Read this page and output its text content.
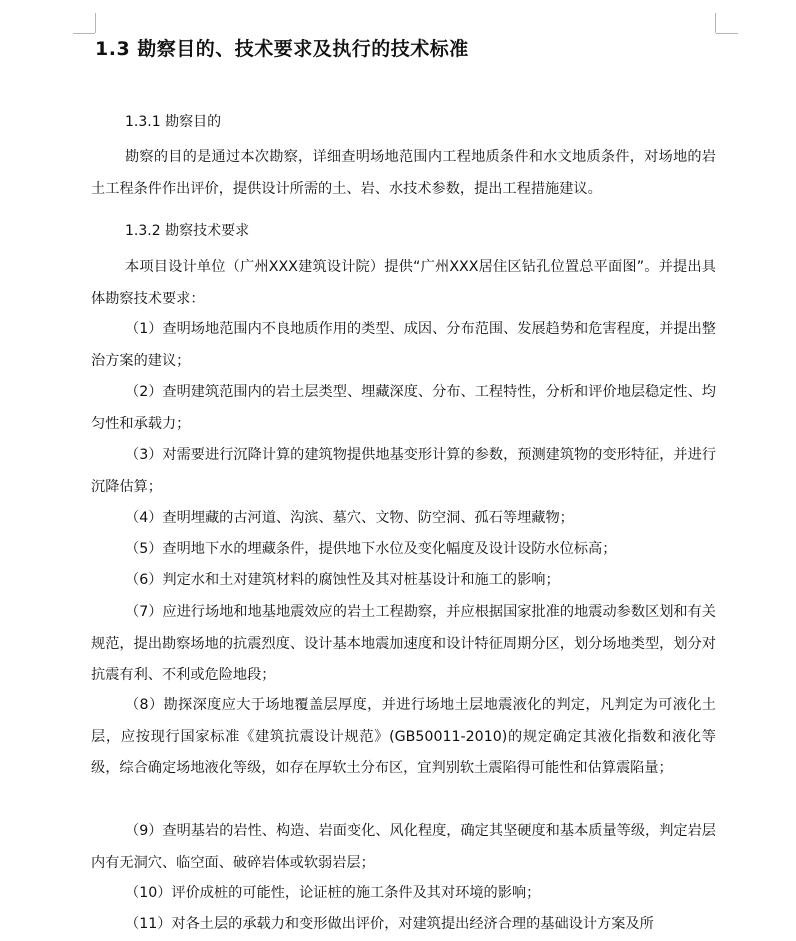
1.3 勘察目的、技术要求及执行的技术标准
1.3.1 勘察目的
勘察的目的是通过本次勘察，详细查明场地范围内工程地质条件和水文地质条件，对场地的岩土工程条件作出评价，提供设计所需的土、岩、水技术参数，提出工程措施建议。
1.3.2 勘察技术要求
本项目设计单位（广州XXX建筑设计院）提供“广州XXX居住区钻孔位置总平面图”。并提出具体勘察技术要求：
（1）查明场地范围内不良地质作用的类型、成因、分布范围、发展趋势和危害程度，并提出整治方案的建议；
（2）查明建筑范围内的岩土层类型、埋藏深度、分布、工程特性，分析和评价地层稳定性、均匀性和承载力；
（3）对需要进行沉降计算的建筑物提供地基变形计算的参数，预测建筑物的变形特征，并进行沉降估算；
（4）查明埋藏的古河道、沟滨、墓穴、文物、防空洞、孤石等埋藏物；
（5）查明地下水的埋藏条件，提供地下水位及变化幅度及设计设防水位标高；
（6）判定水和土对建筑材料的腐蚀性及其对桩基设计和施工的影响；
（7）应进行场地和地基地震效应的岩土工程勘察，并应根据国家批准的地震动参数区划和有关规范，提出勘察场地的抗震烈度、设计基本地震加速度和设计特征周期分区，划分场地类型，划分对抗震有利、不利或危险地段；
（8）勘探深度应大于场地覆盖层厚度，并进行场地土层地震液化的判定，凡判定为可液化土层，应按现行国家标准《建筑抗震设计规范》(GB50011-2010)的规定确定其液化指数和液化等级，综合确定场地液化等级，如存在厚软土分布区，宜判别软土震陷得可能性和估算震陷量；
（9）查明基岩的岩性、构造、岩面变化、风化程度，确定其坚硬度和基本质量等级，判定岩层内有无洞穴、临空面、破碎岩体或软弱岩层；
（10）评价成桩的可能性，论证桩的施工条件及其对环境的影响；
（11）对各土层的承载力和变形做出评价，对建筑提出经济合理的基础设计方案及所
